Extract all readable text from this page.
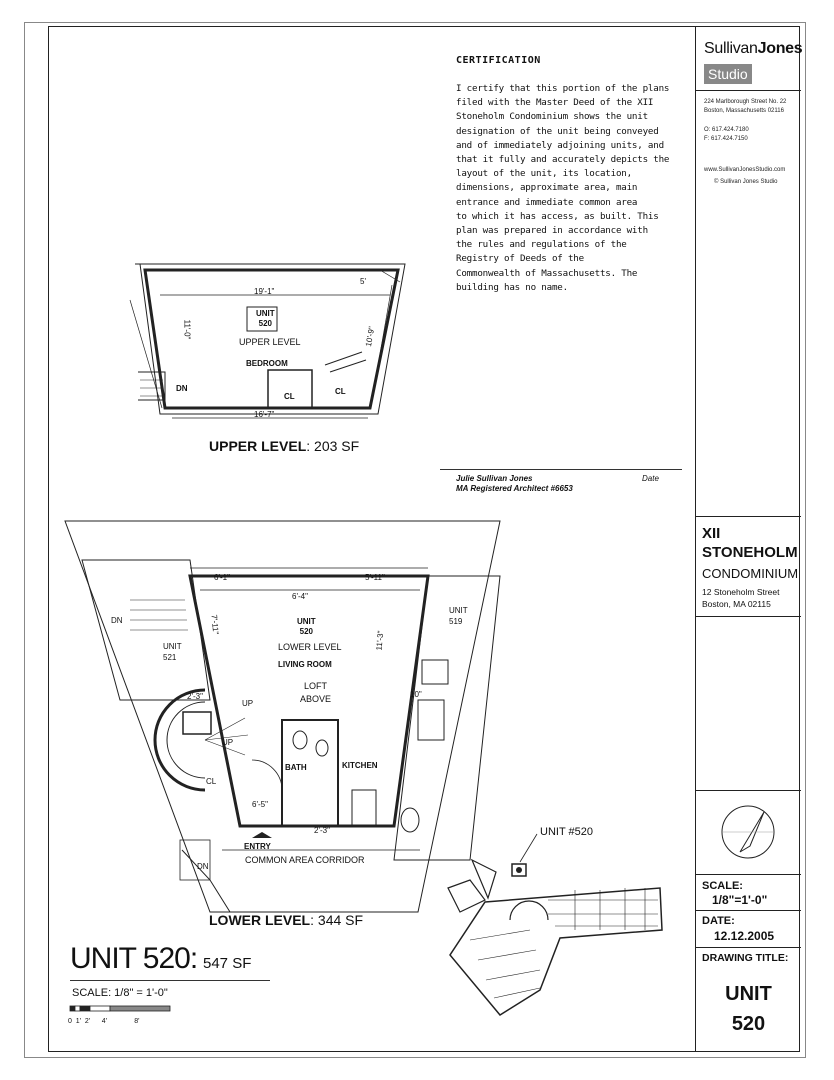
UNIT
520
UPPER LEVEL
BEDROOM
CL
CL
DN
19'-1"
16'-7"
11'-0"	10'-9"
5'
UPPER LEVEL: 203 SF
UNIT
520
LOWER LEVEL
LIVING ROOM
LOFT
ABOVE
BATH	KITCHEN
ENTRY
COMMON AREA CORRIDOR
UP
UP
DN
DN
CL
UNIT
521
UNIT
519
6'-1"	5'-11"
6'-4"
7'-11"
11'-3"
2'-3"
6'-5"
2'-3"
10"
LOWER LEVEL: 344 SF
UNIT 520: 547 SF
SCALE: 1/8" = 1'-0"
0  1'  2'      4'              8'
UNIT #520
CERTIFICATION
I certify that this portion of the plans
filed with the Master Deed of the XII
Stoneholm Condominium shows the unit
designation of the unit being conveyed
and of immediately adjoining units, and
that it fully and accurately depicts the
layout of the unit, its location,
dimensions, approximate area, main
entrance and immediate common area
to which it has access, as built. This
plan was prepared in accordance with
the rules and regulations of the
Registry of Deeds of the
Commonwealth of Massachusetts. The
building has no name.
Julie Sullivan Jones
MA Registered Architect #6653
Date
SullivanJones
Studio
224 Marlborough Street No. 22
Boston, Massachusetts 02116
O: 617.424.7180
F: 617.424.7150
www.SullivanJonesStudio.com
© Sullivan Jones Studio
XII
STONEHOLM
CONDOMINIUM
12 Stoneholm Street
Boston, MA 02115
SCALE:
1/8"=1'-0"
DATE:
12.12.2005
DRAWING TITLE:
UNIT
520
